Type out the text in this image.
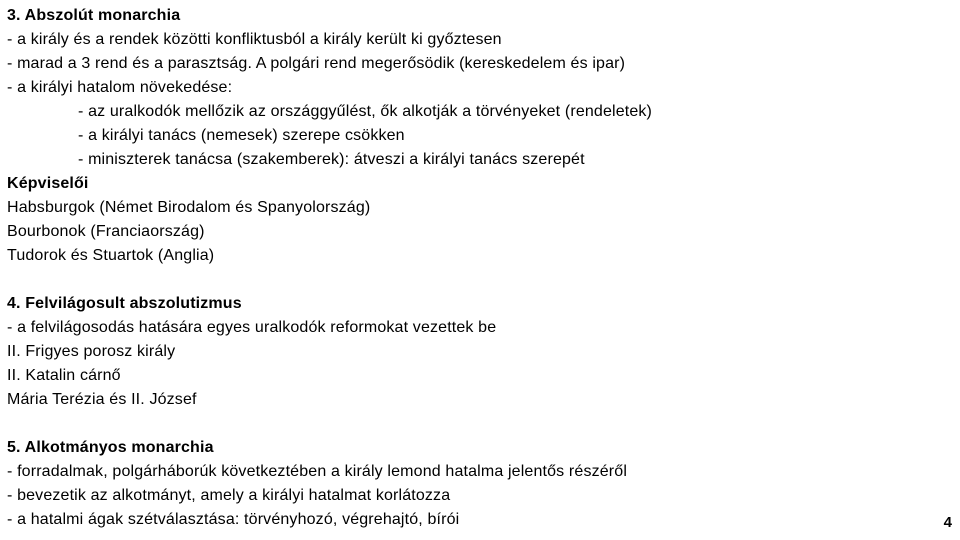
3. Abszolút monarchia
- a király és a rendek közötti konfliktusból a király került ki győztesen
- marad a 3 rend és a parasztság. A polgári rend megerősödik (kereskedelem és ipar)
- a királyi hatalom növekedése:
- az uralkodók mellőzik az országgyűlést, ők alkotják a törvényeket (rendeletek)
- a királyi tanács (nemesek) szerepe csökken
- miniszterek tanácsa (szakemberek): átveszi a királyi tanács szerepét
Képviselői
Habsburgok (Német Birodalom és Spanyolország)
Bourbonok (Franciaország)
Tudorok és Stuartok (Anglia)
4. Felvilágosult abszolutizmus
- a felvilágosodás hatására egyes uralkodók reformokat vezettek be
II. Frigyes porosz király
II. Katalin cárnő
Mária Terézia és II. József
5. Alkotmányos monarchia
- forradalmak, polgárháborúk következtében a király lemond hatalma jelentős részéről
- bevezetik az alkotmányt, amely a királyi hatalmat korlátozza
- a hatalmi ágak szétválasztása: törvényhozó, végrehajtó, bírói	4
